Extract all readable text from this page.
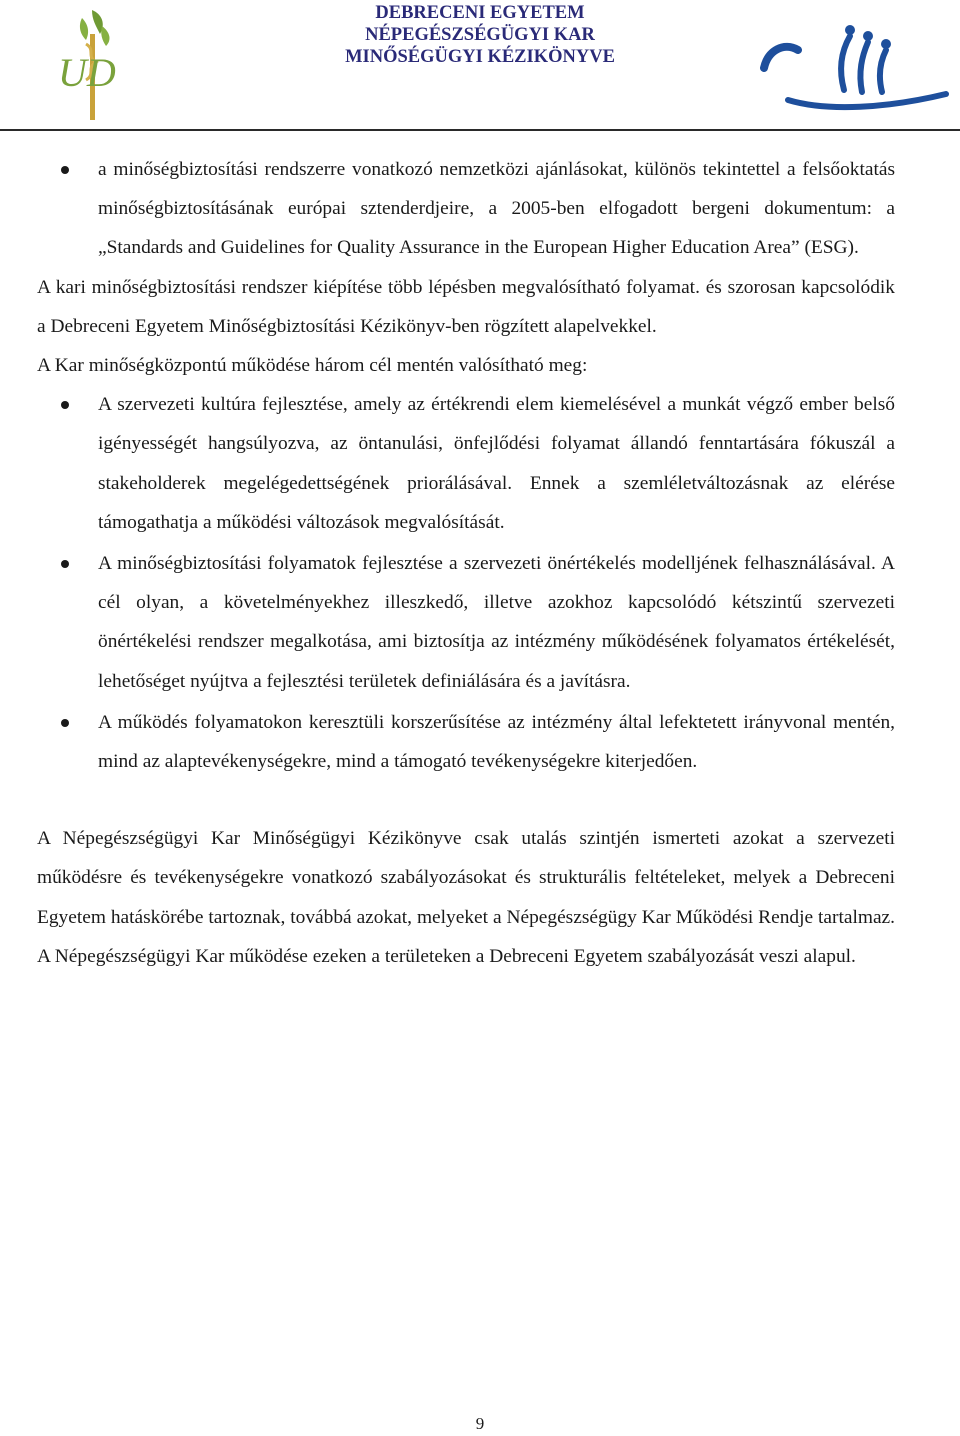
UD
DEBRECENI EGYETEM
NÉPEGÉSZSÉGÜGYI KAR
MINŐSÉGÜGYI KÉZIKÖNYVE
a minőségbiztosítási rendszerre vonatkozó nemzetközi ajánlásokat, különös tekintettel a felsőoktatás minőségbiztosításának európai sztenderdjeire, a 2005-ben elfogadott bergeni dokumentum: a „Standards and Guidelines for Quality Assurance in the European Higher Education Area” (ESG).
A kari minőségbiztosítási rendszer kiépítése több lépésben megvalósítható folyamat. és szorosan kapcsolódik a Debreceni Egyetem Minőségbiztosítási Kézikönyv-ben rögzített alapelvekkel.
A Kar minőségközpontú működése három cél mentén valósítható meg:
A szervezeti kultúra fejlesztése, amely az értékrendi elem kiemelésével a munkát végző ember belső igényességét hangsúlyozva, az öntanulási, önfejlődési folyamat állandó fenntartására fókuszál a stakeholderek megelégedettségének priorálásával. Ennek a szemléletváltozásnak az elérése támogathatja a működési változások megvalósítását.
A minőségbiztosítási folyamatok fejlesztése a szervezeti önértékelés modelljének felhasználásával. A cél olyan, a követelményekhez illeszkedő, illetve azokhoz kapcsolódó kétszintű szervezeti önértékelési rendszer megalkotása, ami biztosítja az intézmény működésének folyamatos értékelését, lehetőséget nyújtva a fejlesztési területek definiálására és a javításra.
A működés folyamatokon keresztüli korszerűsítése az intézmény által lefektetett irányvonal mentén, mind az alaptevékenységekre, mind a támogató tevékenységekre kiterjedően.
A Népegészségügyi Kar Minőségügyi Kézikönyve csak utalás szintjén ismerteti azokat a szervezeti működésre és tevékenységekre vonatkozó szabályozásokat és strukturális feltételeket, melyek a Debreceni Egyetem hatáskörébe tartoznak, továbbá azokat, melyeket a Népegészségügy Kar Működési Rendje tartalmaz. A Népegészségügyi Kar működése ezeken a területeken a Debreceni Egyetem szabályozását veszi alapul.
9
